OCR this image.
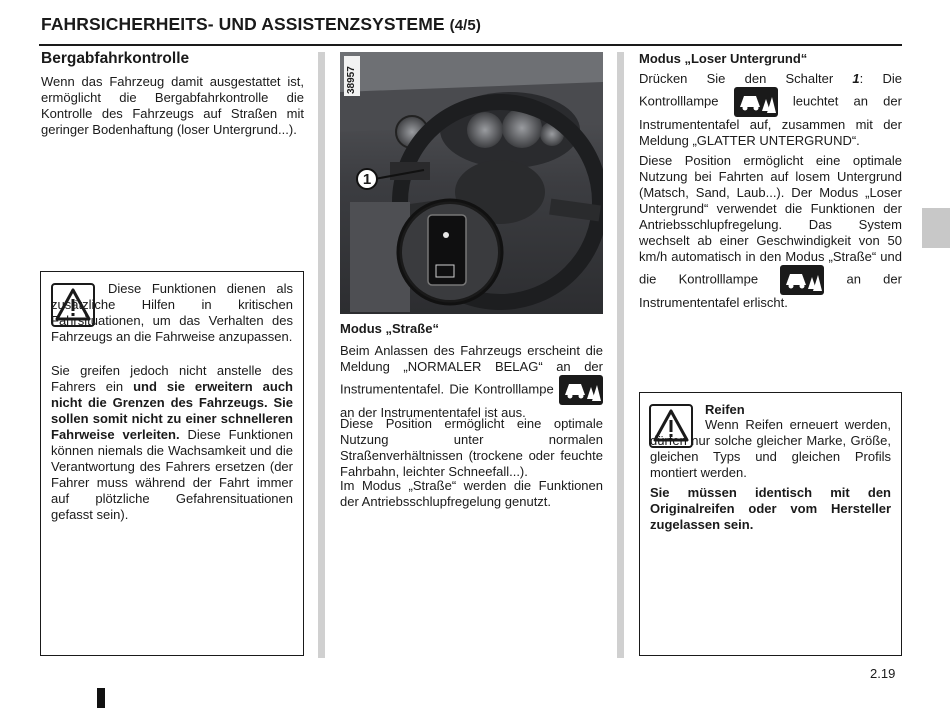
FAHRSICHERHEITS- UND ASSISTENZSYSTEME (4/5)
Bergabfahrkontrolle
Wenn das Fahrzeug damit ausgestattet ist, ermöglicht die Bergabfahrkontrolle die Kontrolle des Fahrzeugs auf Straßen mit geringer Bodenhaftung (loser Untergrund...).
Diese Funktionen dienen als zusätzliche Hilfen in kritischen Fahrsituationen, um das Verhalten des Fahrzeugs an die Fahrweise anzupassen.
Sie greifen jedoch nicht anstelle des Fahrers ein und sie erweitern auch nicht die Grenzen des Fahrzeugs. Sie sollen somit nicht zu einer schnelleren Fahrweise verleiten. Diese Funktionen können niemals die Wachsamkeit und die Verantwortung des Fahrers ersetzen (der Fahrer muss während der Fahrt immer auf plötzliche Gefahrensituationen gefasst sein).
38957
1
Modus „Straße“
Beim Anlassen des Fahrzeugs erscheint die Meldung „NORMALER BELAG“ an der Instrumententafel. Die Kontrolllampe  an der Instrumententafel ist aus.
Diese Position ermöglicht eine optimale Nutzung unter normalen Straßenverhältnissen (trockene oder feuchte Fahrbahn, leichter Schneefall...).
Im Modus „Straße“ werden die Funktionen der Antriebsschlupfregelung genutzt.
Modus „Loser Untergrund“
Drücken Sie den Schalter 1: Die Kontrolllampe	leuchtet an der Instrumententafel auf, zusammen mit der Meldung „GLATTER UNTERGRUND“.
Diese Position ermöglicht eine optimale Nutzung bei Fahrten auf losem Untergrund (Matsch, Sand, Laub...). Der Modus „Loser Untergrund“ verwendet die Funktionen der Antriebsschlupfregelung. Das System wechselt ab einer Geschwindigkeit von 50 km/h automatisch in den Modus „Straße“ und die Kontrolllampe	an der Instrumententafel erlischt.
Reifen
Wenn Reifen erneuert werden, dürfen nur solche gleicher Marke, Größe, gleichen Typs und gleichen Profils montiert werden.
Sie müssen identisch mit den Originalreifen oder vom Hersteller zugelassen sein.
2.19
